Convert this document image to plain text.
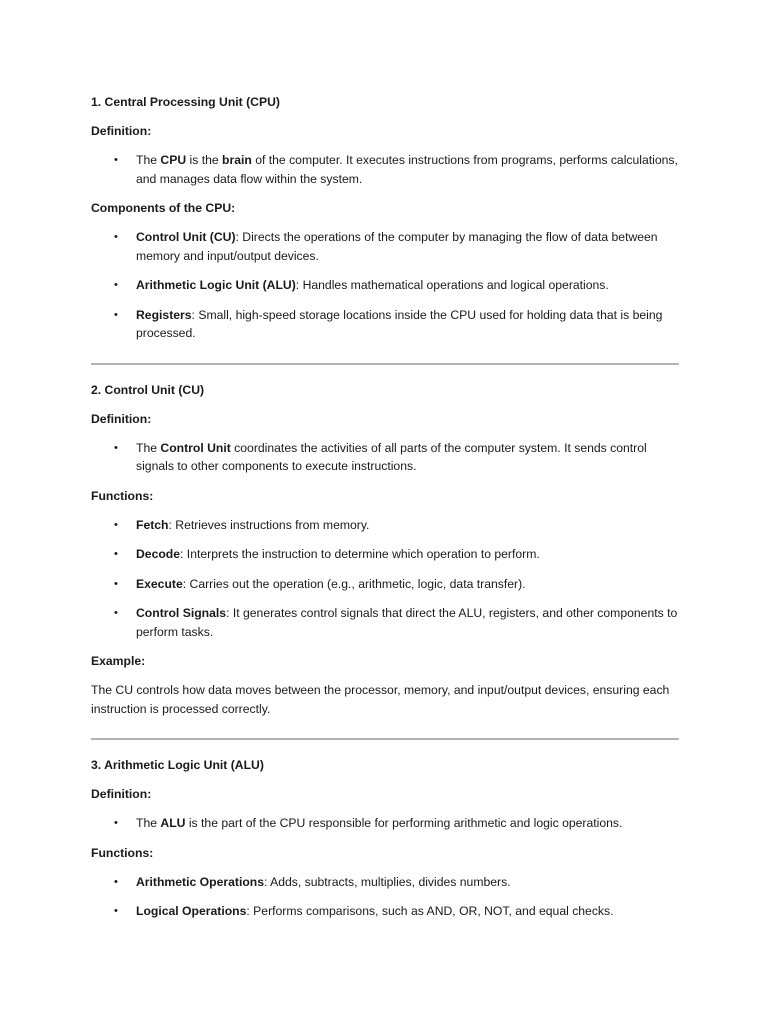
1. Central Processing Unit (CPU)

Definition:

• The CPU is the brain of the computer. It executes instructions from programs, performs calculations, and manages data flow within the system.

Components of the CPU:

• Control Unit (CU): Directs the operations of the computer by managing the flow of data between memory and input/output devices.
• Arithmetic Logic Unit (ALU): Handles mathematical operations and logical operations.
• Registers: Small, high-speed storage locations inside the CPU used for holding data that is being processed.

2. Control Unit (CU)

Definition:

• The Control Unit coordinates the activities of all parts of the computer system. It sends control signals to other components to execute instructions.

Functions:

• Fetch: Retrieves instructions from memory.
• Decode: Interprets the instruction to determine which operation to perform.
• Execute: Carries out the operation (e.g., arithmetic, logic, data transfer).
• Control Signals: It generates control signals that direct the ALU, registers, and other components to perform tasks.

Example:

The CU controls how data moves between the processor, memory, and input/output devices, ensuring each instruction is processed correctly.

3. Arithmetic Logic Unit (ALU)

Definition:

• The ALU is the part of the CPU responsible for performing arithmetic and logic operations.

Functions:

• Arithmetic Operations: Adds, subtracts, multiplies, divides numbers.
• Logical Operations: Performs comparisons, such as AND, OR, NOT, and equal checks.
